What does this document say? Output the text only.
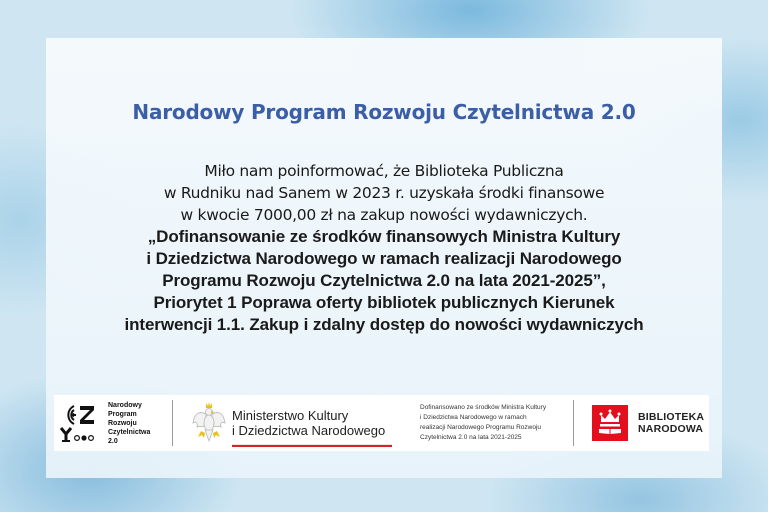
Narodowy Program Rozwoju Czytelnictwa 2.0
Miło nam poinformować, że Biblioteka Publiczna
w Rudniku nad Sanem w 2023 r. uzyskała środki finansowe
w kwocie 7000,00 zł na zakup nowości wydawniczych.
„Dofinansowanie ze środków finansowych Ministra Kultury
i Dziedzictwa Narodowego w ramach realizacji Narodowego
Programu Rozwoju Czytelnictwa 2.0 na lata 2021-2025”,
Priorytet 1 Poprawa oferty bibliotek publicznych Kierunek
interwencji 1.1. Zakup i zdalny dostęp do nowości wydawniczych
Narodowy
Program
Rozwoju
Czytelnictwa
2.0
Ministerstwo Kultury
i Dziedzictwa Narodowego
Dofinansowano ze środków Ministra Kultury
i Dziedzictwa Narodowego w ramach
realizacji Narodowego Programu Rozwoju
Czytelnictwa 2.0 na lata 2021-2025
BIBLIOTEKA
NARODOWA
